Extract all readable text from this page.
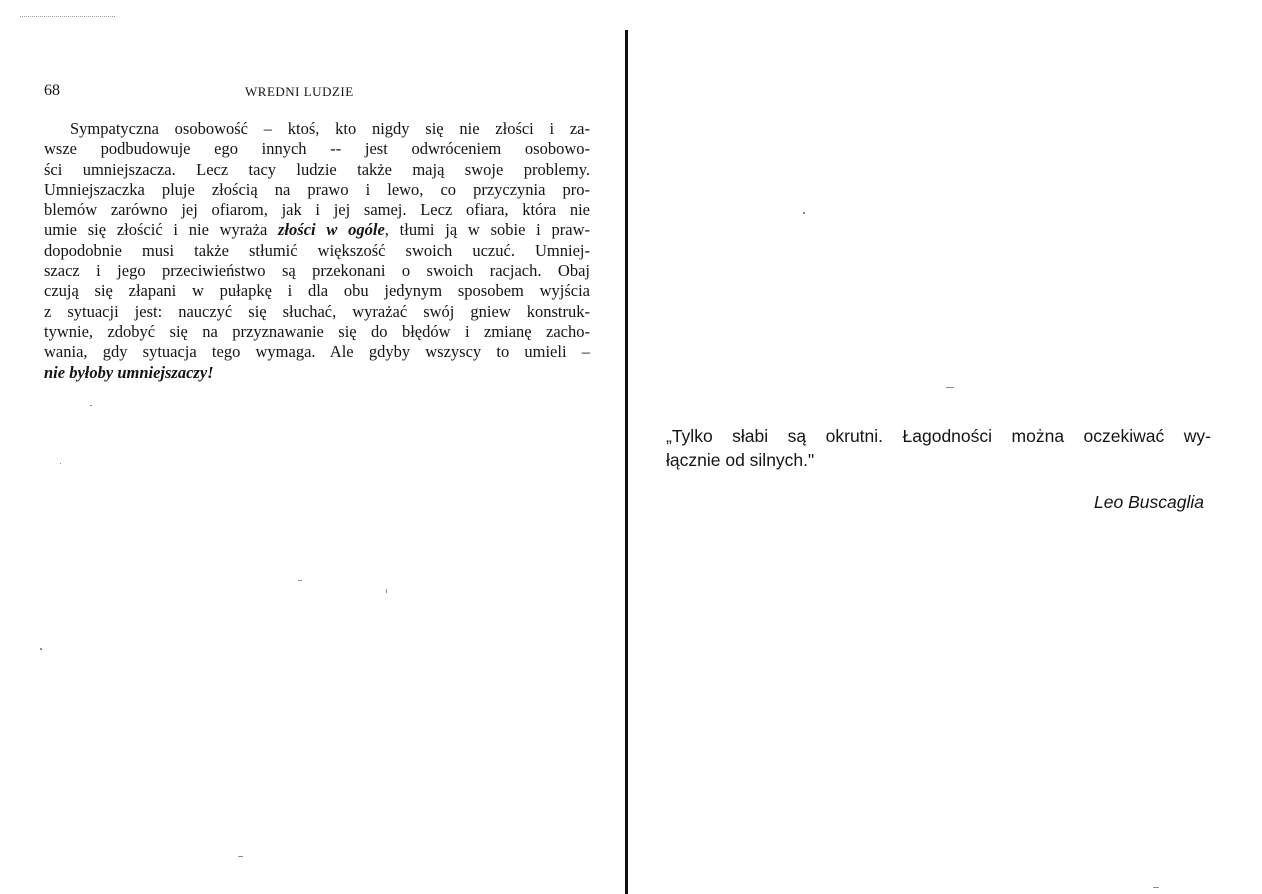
68	WREDNI LUDZIE
Sympatyczna osobowość – ktoś, kto nigdy się nie złości i za-
wsze podbudowuje ego innych -- jest odwróceniem osobowo-
ści umniejszacza. Lecz tacy ludzie także mają swoje problemy.
Umniejszaczka pluje złością na prawo i lewo, co przyczynia pro-
blemów zarówno jej ofiarom, jak i jej samej. Lecz ofiara, która nie
umie się złościć i nie wyraża złości w ogóle, tłumi ją w sobie i praw-
dopodobnie musi także stłumić większość swoich uczuć. Umniej-
szacz i jego przeciwieństwo są przekonani o swoich racjach. Obaj
czują się złapani w pułapkę i dla obu jedynym sposobem wyjścia
z sytuacji jest: nauczyć się słuchać, wyrażać swój gniew konstruk-
tywnie, zdobyć się na przyznawanie się do błędów i zmianę zacho-
wania, gdy sytuacja tego wymaga. Ale gdyby wszyscy to umieli –
nie byłoby umniejszaczy!
„Tylko słabi są okrutni. Łagodności można oczekiwać wy-
łącznie od silnych."
Leo Buscaglia
